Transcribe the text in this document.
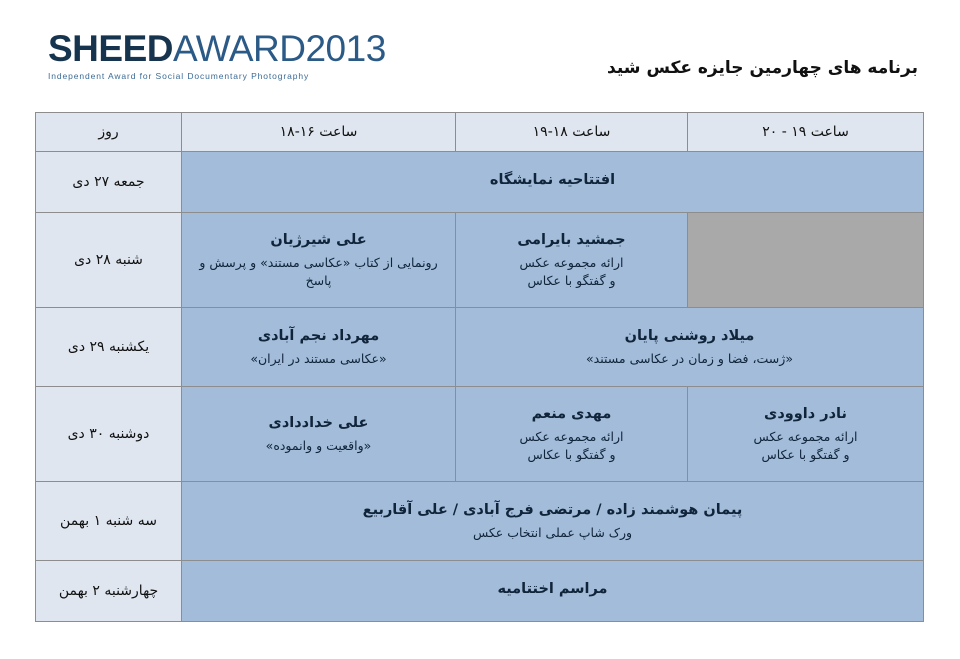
SHEEDAWARD2013
Independent Award for Social Documentary Photography	برنامه های چهارمین جایزه عکس شید
ساعت ۱۹ - ۲۰	ساعت ۱۸-۱۹	ساعت ۱۶-۱۸	روز

افتتاحیه نمایشگاه			جمعه ۲۷ دی

	جمشید بایرامی
ارائه مجموعه عکس
و گفتگو با عکاس	علی شیرژیان
رونمایی از کتاب «عکاسی مستند» و پرسش و پاسخ	شنبه ۲۸ دی

میلاد روشنی پایان
«ژست، فضا و زمان در عکاسی مستند»		مهرداد نجم آبادی
«عکاسی مستند در ایران»	یکشنبه ۲۹ دی

نادر داوودی
ارائه مجموعه عکس
و گفتگو با عکاس	مهدی منعم
ارائه مجموعه عکس
و گفتگو با عکاس	علی خداددادی
«واقعیت و وانموده»	دوشنبه ۳۰ دی

پیمان هوشمند زاده / مرتضی فرج آبادی / علی آقاربیع
ورک شاپ عملی انتخاب عکس			سه شنبه ۱ بهمن

مراسم اختتامیه			چهارشنبه ۲ بهمن
